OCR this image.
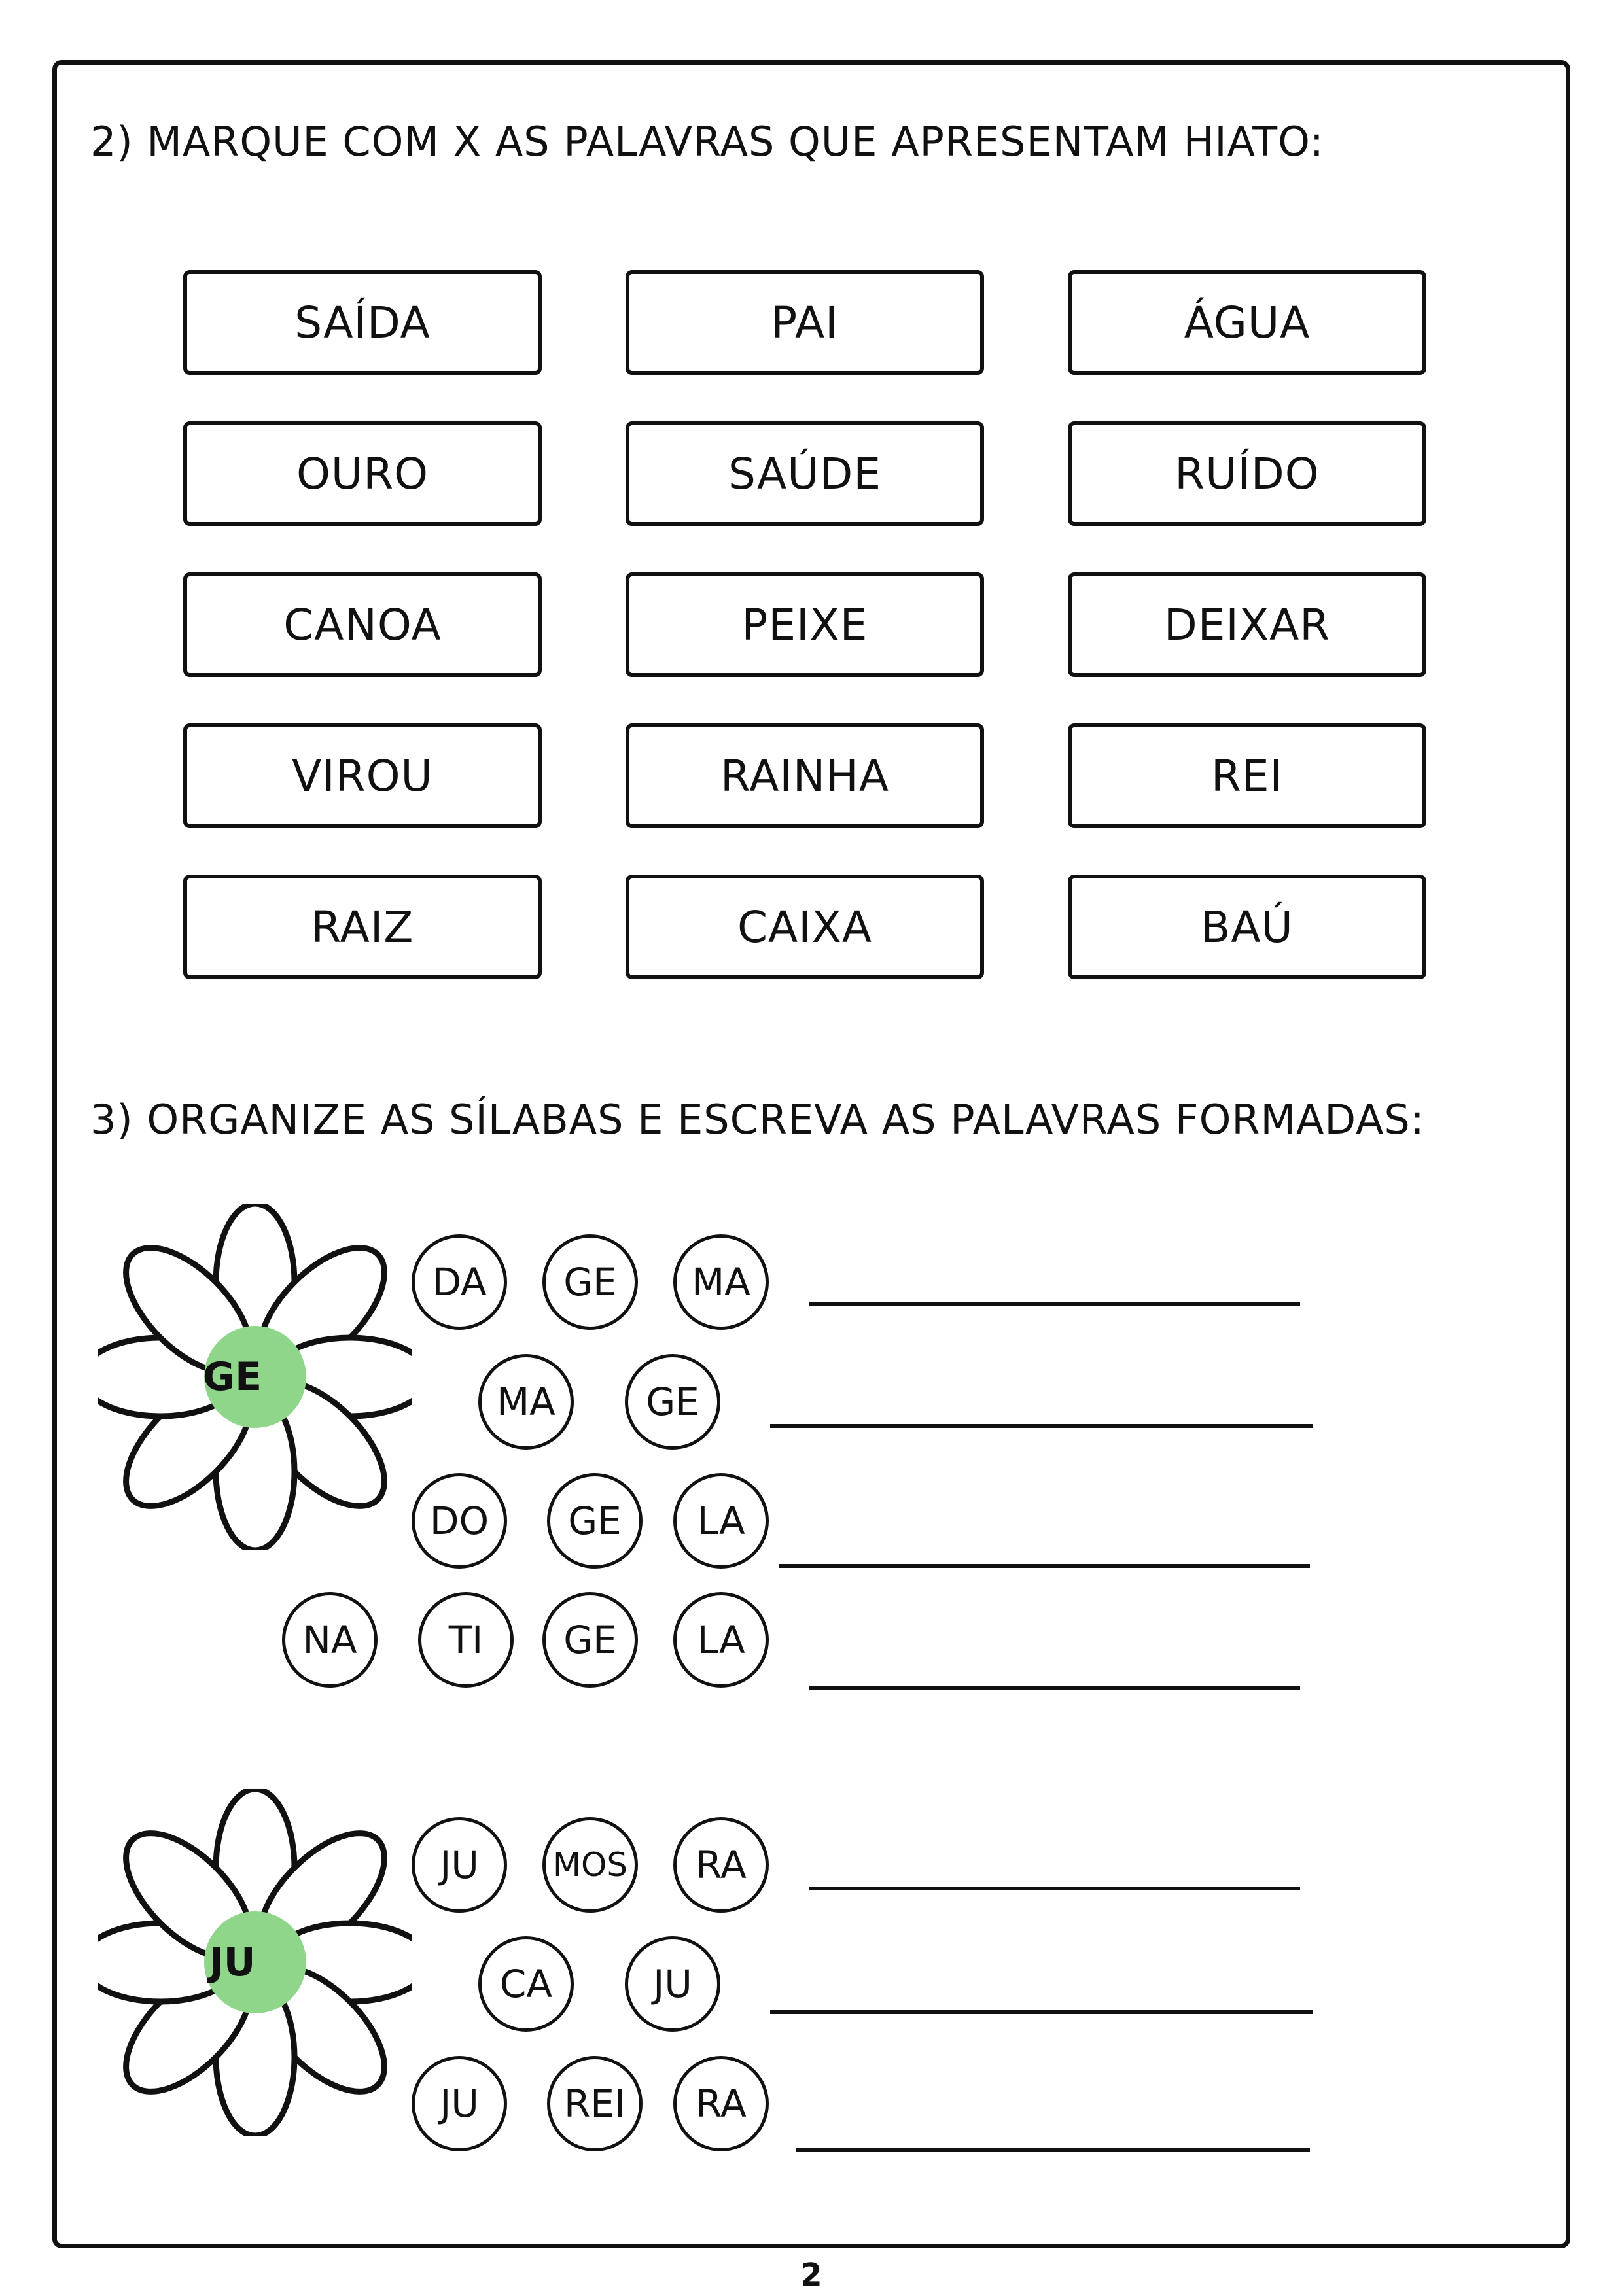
2) MARQUE COM X AS PALAVRAS QUE APRESENTAM HIATO:
SAÍDA	PAI	ÁGUA
OURO	SAÚDE	RUÍDO
CANOA	PEIXE	DEIXAR
VIROU	RAINHA	REI
RAIZ	CAIXA	BAÚ
3) ORGANIZE AS SÍLABAS E ESCREVA AS PALAVRAS FORMADAS:
GE
DA	GE	MA
MA	GE
DO	GE	LA
NA	TI	GE	LA
JU
JU	MOS	RA
CA	JU
JU	REI	RA
2
